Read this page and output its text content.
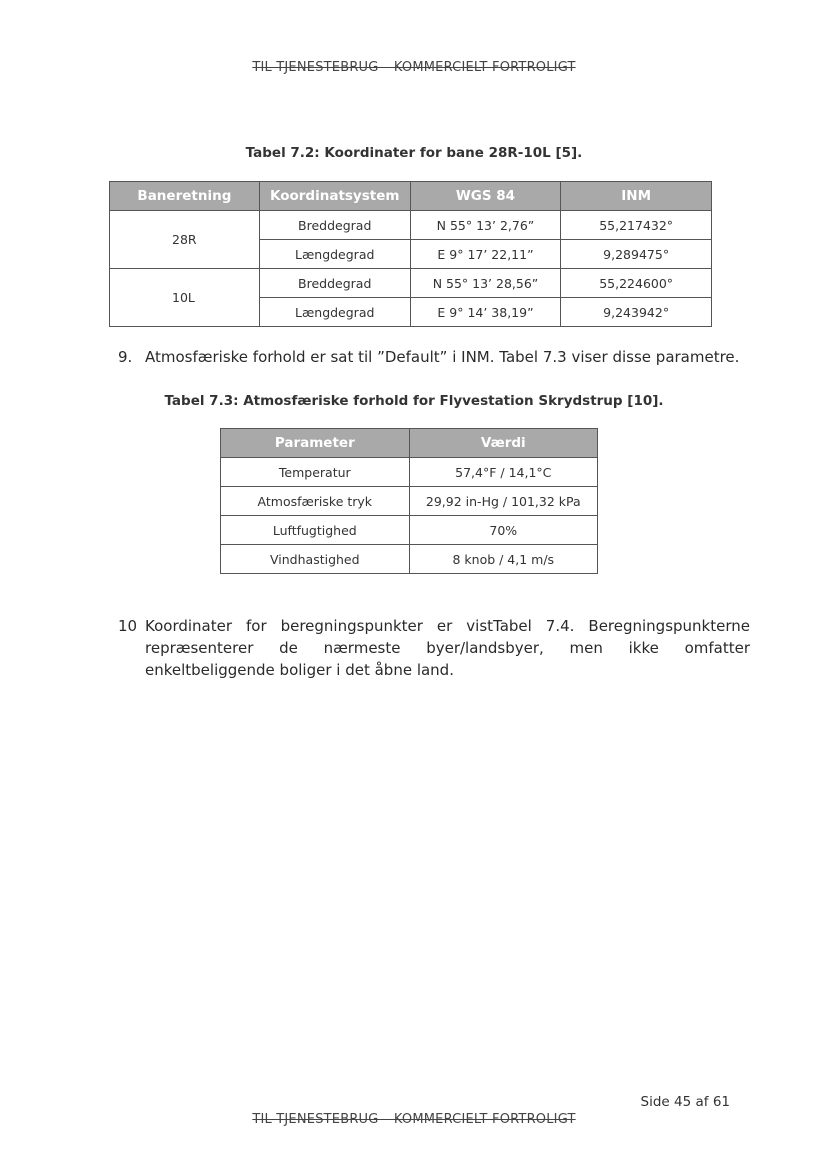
TIL TJENESTEBRUG – KOMMERCIELT FORTROLIGT
Tabel 7.2: Koordinater for bane 28R-10L [5].
Baneretning	Koordinatsystem	WGS 84	INM
28R	Breddegrad	N 55° 13’ 2,76”	55,217432°
	Længdegrad	E 9° 17’ 22,11”	9,289475°
10L	Breddegrad	N 55° 13’ 28,56”	55,224600°
	Længdegrad	E 9° 14’ 38,19”	9,243942°
9. Atmosfæriske forhold er sat til ”Default” i INM. Tabel 7.3 viser disse parametre.
Tabel 7.3: Atmosfæriske forhold for Flyvestation Skrydstrup [10].
Parameter	Værdi
Temperatur	57,4°F / 14,1°C
Atmosfæriske tryk	29,92 in-Hg / 101,32 kPa
Luftfugtighed	70%
Vindhastighed	8 knob / 4,1 m/s
10 Koordinater for beregningspunkter er vistTabel 7.4. Beregningspunkterne repræsenterer de nærmeste byer/landsbyer, men ikke omfatter enkeltbeliggende boliger i det åbne land.
Side 45 af 61
TIL TJENESTEBRUG – KOMMERCIELT FORTROLIGT
